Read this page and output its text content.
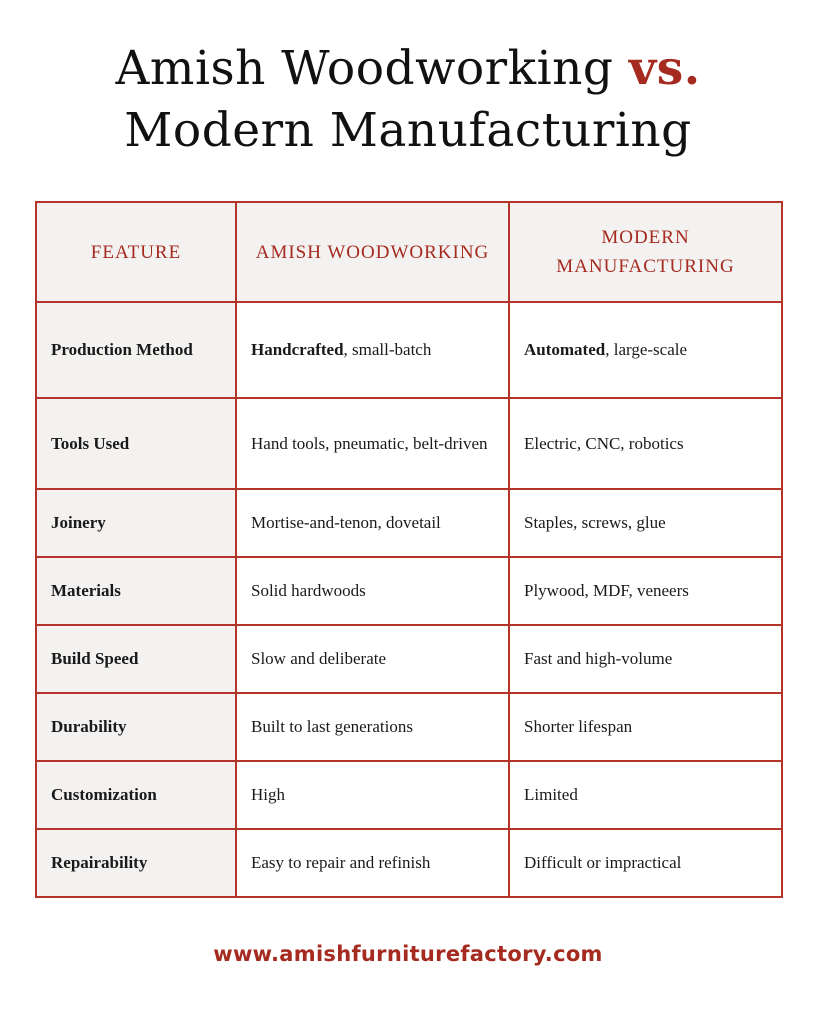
Amish Woodworking vs.
Modern Manufacturing
FEATURE	AMISH WOODWORKING	MODERN MANUFACTURING
Production Method	Handcrafted, small-batch	Automated, large-scale
Tools Used	Hand tools, pneumatic, belt-driven	Electric, CNC, robotics
Joinery	Mortise-and-tenon, dovetail	Staples, screws, glue
Materials	Solid hardwoods	Plywood, MDF, veneers
Build Speed	Slow and deliberate	Fast and high-volume
Durability	Built to last generations	Shorter lifespan
Customization	High	Limited
Repairability	Easy to repair and refinish	Difficult or impractical
www.amishfurniturefactory.com
